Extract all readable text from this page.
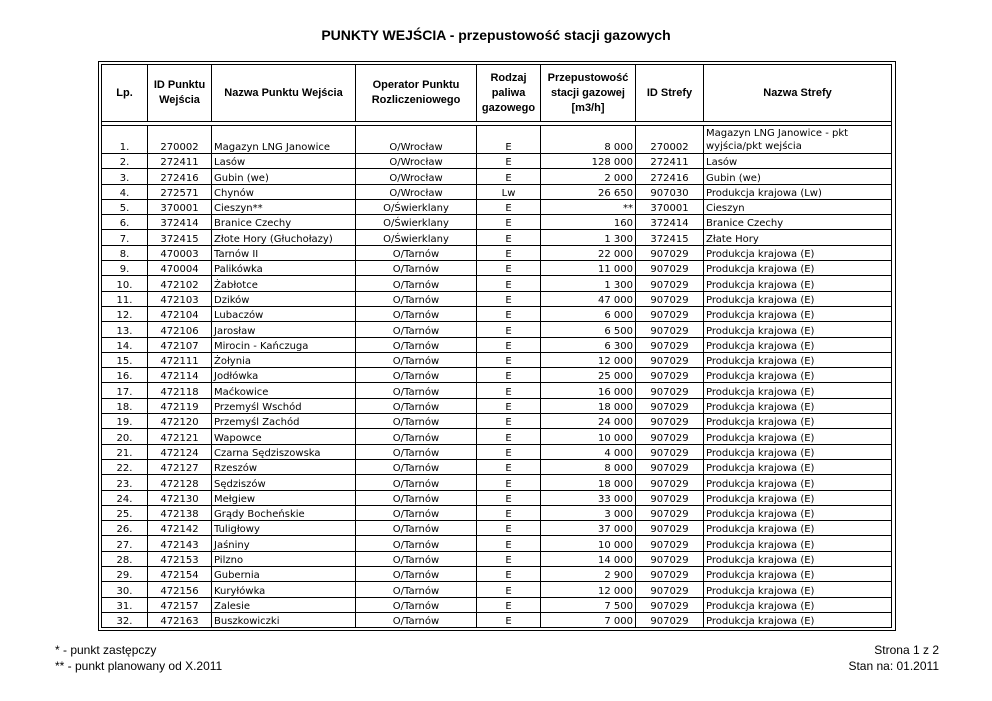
PUNKTY WEJŚCIA - przepustowość stacji gazowych
Lp.	ID Punktu Wejścia	Nazwa Punktu Wejścia	Operator Punktu Rozliczeniowego	Rodzaj paliwa gazowego	Przepustowość stacji gazowej [m3/h]	ID Strefy	Nazwa Strefy

1.	270002	Magazyn LNG Janowice	O/Wrocław	E	8 000	270002	Magazyn LNG Janowice - pkt wyjścia/pkt wejścia
2.	272411	Lasów	O/Wrocław	E	128 000	272411	Lasów
3.	272416	Gubin (we)	O/Wrocław	E	2 000	272416	Gubin (we)
4.	272571	Chynów	O/Wrocław	Lw	26 650	907030	Produkcja krajowa (Lw)
5.	370001	Cieszyn**	O/Świerklany	E	**	370001	Cieszyn
6.	372414	Branice Czechy	O/Świerklany	E	160	372414	Branice Czechy
7.	372415	Złote Hory (Głuchołazy)	O/Świerklany	E	1 300	372415	Złate Hory
8.	470003	Tarnów II	O/Tarnów	E	22 000	907029	Produkcja krajowa (E)
9.	470004	Palikówka	O/Tarnów	E	11 000	907029	Produkcja krajowa (E)
10.	472102	Żabłotce	O/Tarnów	E	1 300	907029	Produkcja krajowa (E)
11.	472103	Dzików	O/Tarnów	E	47 000	907029	Produkcja krajowa (E)
12.	472104	Lubaczów	O/Tarnów	E	6 000	907029	Produkcja krajowa (E)
13.	472106	Jarosław	O/Tarnów	E	6 500	907029	Produkcja krajowa (E)
14.	472107	Mirocin - Kańczuga	O/Tarnów	E	6 300	907029	Produkcja krajowa (E)
15.	472111	Żołynia	O/Tarnów	E	12 000	907029	Produkcja krajowa (E)
16.	472114	Jodłówka	O/Tarnów	E	25 000	907029	Produkcja krajowa (E)
17.	472118	Maćkowice	O/Tarnów	E	16 000	907029	Produkcja krajowa (E)
18.	472119	Przemyśl Wschód	O/Tarnów	E	18 000	907029	Produkcja krajowa (E)
19.	472120	Przemyśl Zachód	O/Tarnów	E	24 000	907029	Produkcja krajowa (E)
20.	472121	Wapowce	O/Tarnów	E	10 000	907029	Produkcja krajowa (E)
21.	472124	Czarna Sędziszowska	O/Tarnów	E	4 000	907029	Produkcja krajowa (E)
22.	472127	Rzeszów	O/Tarnów	E	8 000	907029	Produkcja krajowa (E)
23.	472128	Sędziszów	O/Tarnów	E	18 000	907029	Produkcja krajowa (E)
24.	472130	Mełgiew	O/Tarnów	E	33 000	907029	Produkcja krajowa (E)
25.	472138	Grądy Bocheńskie	O/Tarnów	E	3 000	907029	Produkcja krajowa (E)
26.	472142	Tuligłowy	O/Tarnów	E	37 000	907029	Produkcja krajowa (E)
27.	472143	Jaśniny	O/Tarnów	E	10 000	907029	Produkcja krajowa (E)
28.	472153	Pilzno	O/Tarnów	E	14 000	907029	Produkcja krajowa (E)
29.	472154	Gubernia	O/Tarnów	E	2 900	907029	Produkcja krajowa (E)
30.	472156	Kuryłówka	O/Tarnów	E	12 000	907029	Produkcja krajowa (E)
31.	472157	Zalesie	O/Tarnów	E	7 500	907029	Produkcja krajowa (E)
32.	472163	Buszkowiczki	O/Tarnów	E	7 000	907029	Produkcja krajowa (E)
* - punkt zastępczy
** - punkt planowany od X.2011
Strona 1 z 2
Stan na: 01.2011
